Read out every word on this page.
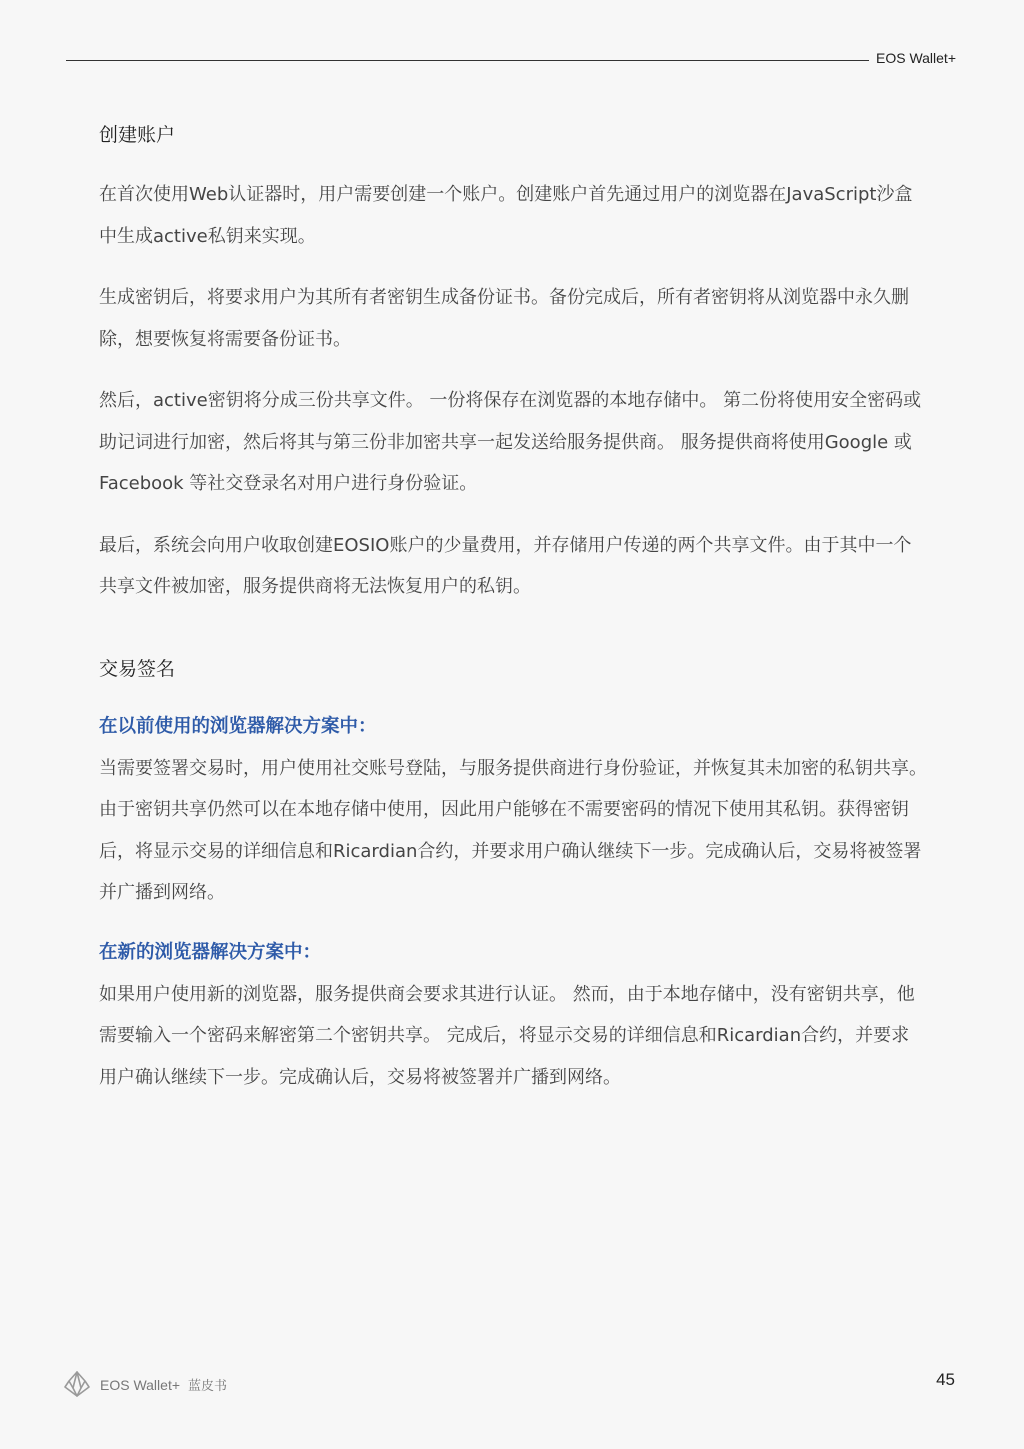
EOS Wallet+
创建账户

在首次使用Web认证器时，用户需要创建一个账户。创建账户首先通过用户的浏览器在JavaScript沙盒中生成active私钥来实现。

生成密钥后，将要求用户为其所有者密钥生成备份证书。备份完成后，所有者密钥将从浏览器中永久删除，想要恢复将需要备份证书。

然后，active密钥将分成三份共享文件。 一份将保存在浏览器的本地存储中。 第二份将使用安全密码或助记词进行加密，然后将其与第三份非加密共享一起发送给服务提供商。 服务提供商将使用Google 或 Facebook 等社交登录名对用户进行身份验证。

最后，系统会向用户收取创建EOSIO账户的少量费用，并存储用户传递的两个共享文件。由于其中一个共享文件被加密，服务提供商将无法恢复用户的私钥。

交易签名
在以前使用的浏览器解决方案中：

当需要签署交易时，用户使用社交账号登陆，与服务提供商进行身份验证，并恢复其未加密的私钥共享。由于密钥共享仍然可以在本地存储中使用，因此用户能够在不需要密码的情况下使用其私钥。获得密钥后，将显示交易的详细信息和Ricardian合约，并要求用户确认继续下一步。完成确认后，交易将被签署并广播到网络。

在新的浏览器解决方案中：

如果用户使用新的浏览器，服务提供商会要求其进行认证。 然而，由于本地存储中，没有密钥共享，他需要输入一个密码来解密第二个密钥共享。 完成后，将显示交易的详细信息和Ricardian合约，并要求用户确认继续下一步。完成确认后，交易将被签署并广播到网络。

EOS Wallet+ 蓝皮书	45
